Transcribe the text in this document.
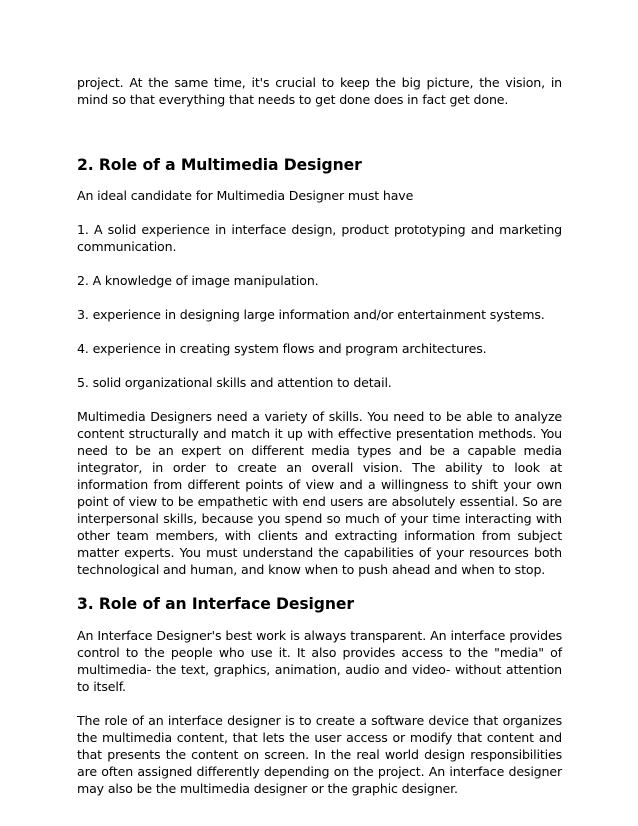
project. At the same time, it's crucial to keep the big picture, the vision, in mind so that everything that needs to get done does in fact get done.

2. Role of a Multimedia Designer

An ideal candidate for Multimedia Designer must have

1. A solid experience in interface design, product prototyping and marketing communication.

2. A knowledge of image manipulation.

3. experience in designing large information and/or entertainment systems.

4. experience in creating system flows and program architectures.

5. solid organizational skills and attention to detail.

Multimedia Designers need a variety of skills. You need to be able to analyze content structurally and match it up with effective presentation methods. You need to be an expert on different media types and be a capable media integrator, in order to create an overall vision. The ability to look at information from different points of view and a willingness to shift your own point of view to be empathetic with end users are absolutely essential. So are interpersonal skills, because you spend so much of your time interacting with other team members, with clients and extracting information from subject matter experts. You must understand the capabilities of your resources both technological and human, and know when to push ahead and when to stop.

3. Role of an Interface Designer

An Interface Designer's best work is always transparent. An interface provides control to the people who use it. It also provides access to the "media" of multimedia- the text, graphics, animation, audio and video- without attention to itself.

The role of an interface designer is to create a software device that organizes the multimedia content, that lets the user access or modify that content and that presents the content on screen. In the real world design responsibilities are often assigned differently depending on the project. An interface designer may also be the multimedia designer or the graphic designer.
